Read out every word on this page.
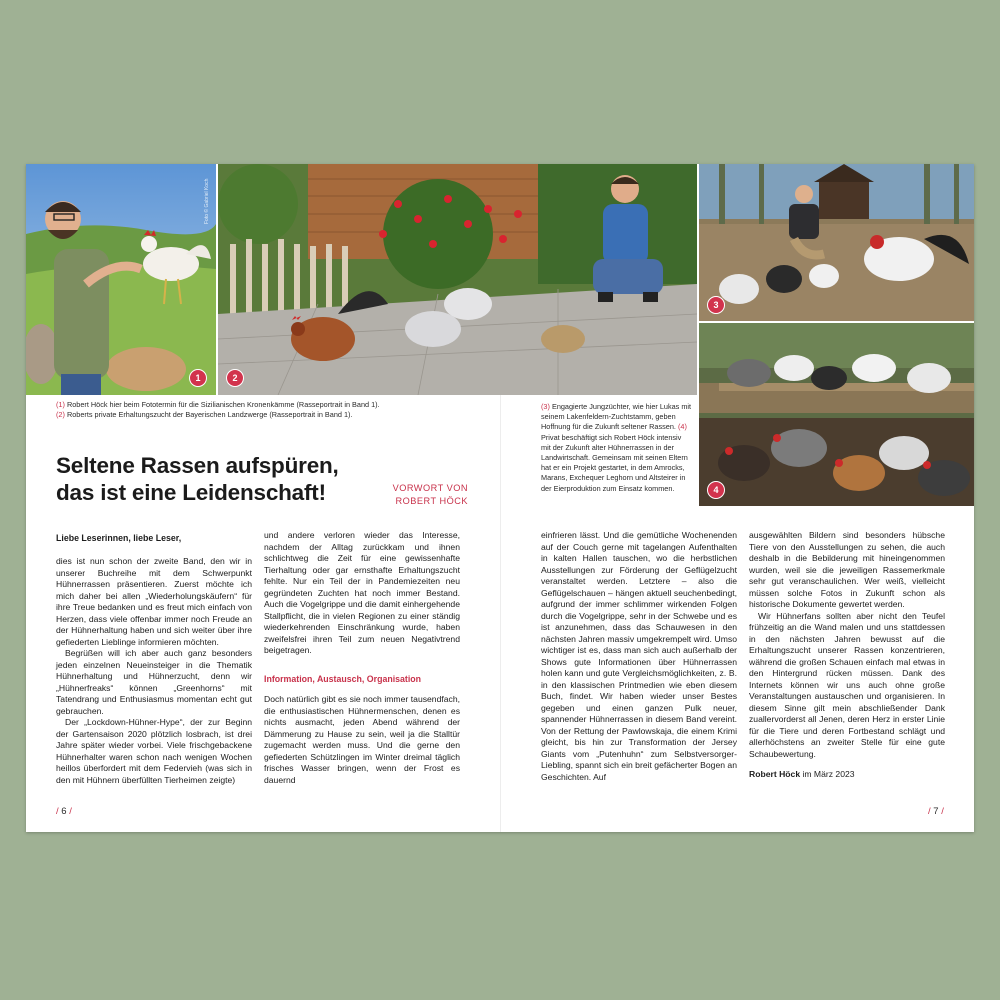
Foto © Gabriel Koch
1	2
3
4
(1) Robert Höck hier beim Fototermin für die Sizilianischen Kronenkämme (Rasseportrait in Band 1).
(2) Roberts private Erhaltungszucht der Bayerischen Landzwerge (Rasseportrait in Band 1).
(3) Engagierte Jungzüchter, wie hier Lukas mit seinem Lakenfeldern-Zuchtstamm, geben Hoffnung für die Zukunft seltener Rassen. (4) Privat beschäftigt sich Robert Höck intensiv mit der Zukunft alter Hühnerrassen in der Landwirtschaft. Gemeinsam mit seinen Eltern hat er ein Projekt gestartet, in dem Amrocks, Marans, Exchequer Leghorn und Altsteirer in der Eierproduktion zum Einsatz kommen.
Seltene Rassen aufspüren,
das ist eine Leidenschaft!	VORWORT VON
ROBERT HÖCK
Liebe Leserinnen, liebe Leser,

dies ist nun schon der zweite Band, den wir in unserer Buchreihe mit dem Schwerpunkt Hühnerrassen präsentieren. Zuerst möchte ich mich daher bei allen „Wiederholungskäufern“ für ihre Treue bedanken und es freut mich einfach von Herzen, dass viele offenbar immer noch Freude an der Hühnerhaltung haben und sich weiter über ihre gefiederten Lieblinge informieren möchten.

Begrüßen will ich aber auch ganz besonders jeden einzelnen Neueinsteiger in die Thematik Hühnerhaltung und Hühnerzucht, denn wir „Hühnerfreaks“ können „Greenhorns“ mit Tatendrang und Enthusiasmus momentan echt gut gebrauchen.

Der „Lockdown-Hühner-Hype“, der zur Beginn der Gartensaison 2020 plötzlich losbrach, ist drei Jahre später wieder vorbei. Viele frischgebackene Hühnerhalter waren schon nach wenigen Wochen heillos überfordert mit dem Federvieh (was sich in den mit Hühnern überfüllten Tierheimen zeigte)

und andere verloren wieder das Interesse, nachdem der Alltag zurückkam und ihnen schlichtweg die Zeit für eine gewissenhafte Tierhaltung oder gar ernsthafte Erhaltungszucht fehlte. Nur ein Teil der in Pandemiezeiten neu gegründeten Zuchten hat noch immer Bestand. Auch die Vogelgrippe und die damit einhergehende Stallpflicht, die in vielen Regionen zu einer ständig wiederkehrenden Einschränkung wurde, haben zweifelsfrei ihren Teil zum neuen Negativtrend beigetragen.

Information, Austausch, Organisation

Doch natürlich gibt es sie noch immer tausendfach, die enthusiastischen Hühnermenschen, denen es nichts ausmacht, jeden Abend während der Dämmerung zu Hause zu sein, weil ja die Stalltür zugemacht werden muss. Und die gerne den gefiederten Schützlingen im Winter dreimal täglich frisches Wasser bringen, wenn der Frost es dauernd

einfrieren lässt. Und die gemütliche Wochenenden auf der Couch gerne mit tagelangen Aufenthalten in kalten Hallen tauschen, wo die herbstlichen Ausstellungen zur Förderung der Geflügelzucht veranstaltet werden. Letztere – also die Geflügelschauen – hängen aktuell seuchenbedingt, aufgrund der immer schlimmer wirkenden Folgen durch die Vogelgrippe, sehr in der Schwebe und es ist anzunehmen, dass das Schauwesen in den nächsten Jahren massiv umgekrempelt wird. Umso wichtiger ist es, dass man sich auch außerhalb der Shows gute Informationen über Hühnerrassen holen kann und gute Vergleichsmöglichkeiten, z. B. in den klassischen Printmedien wie eben diesem Buch, findet. Wir haben wieder unser Bestes gegeben und einen ganzen Pulk neuer, spannender Hühnerrassen in diesem Band vereint. Von der Rettung der Pawlowskaja, die einem Krimi gleicht, bis hin zur Transformation der Jersey Giants vom „Putenhuhn“ zum Selbstversorger-Liebling, spannt sich ein breit gefächerter Bogen an Geschichten. Auf

ausgewählten Bildern sind besonders hübsche Tiere von den Ausstellungen zu sehen, die auch deshalb in die Bebilderung mit hineingenommen wurden, weil sie die jeweiligen Rassemerkmale sehr gut veranschaulichen. Wer weiß, vielleicht müssen solche Fotos in Zukunft schon als historische Dokumente gewertet werden.

Wir Hühnerfans sollten aber nicht den Teufel frühzeitig an die Wand malen und uns stattdessen in den nächsten Jahren bewusst auf die Erhaltungszucht unserer Rassen konzentrieren, während die großen Schauen einfach mal etwas in den Hintergrund rücken müssen. Dank des Internets können wir uns auch ohne große Veranstaltungen austauschen und organisieren. In diesem Sinne gilt mein abschließender Dank zuallervorderst all Jenen, deren Herz in erster Linie für die Tiere und deren Fortbestand schlägt und allerhöchstens an zweiter Stelle für eine gute Schaubewertung.

Robert Höck im März 2023

/ 6 /	/ 7 /
